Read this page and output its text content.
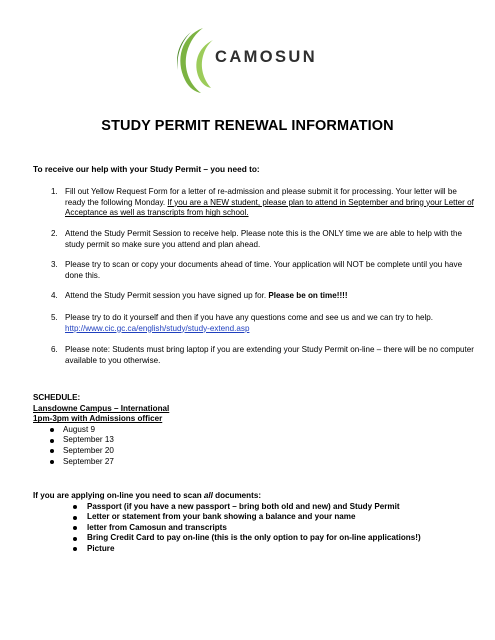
CAMOSUN
STUDY PERMIT RENEWAL INFORMATION
To receive our help with your Study Permit – you need to:
1. Fill out Yellow Request Form for a letter of re-admission and please submit it for processing. Your letter will be ready the following Monday. If you are a NEW student, please plan to attend in September and bring your Letter of Acceptance as well as transcripts from high school.
2. Attend the Study Permit Session to receive help. Please note this is the ONLY time we are able to help with the study permit so make sure you attend and plan ahead.
3. Please try to scan or copy your documents ahead of time. Your application will NOT be complete until you have done this.
4. Attend the Study Permit session you have signed up for. Please be on time!!!!
5. Please try to do it yourself and then if you have any questions come and see us and we can try to help.
http://www.cic.gc.ca/english/study/study-extend.asp
6. Please note: Students must bring laptop if you are extending your Study Permit on-line – there will be no computer available to you otherwise.
SCHEDULE:
Lansdowne Campus – International
1pm-3pm with Admissions officer
August 9
September 13
September 20
September 27
If you are applying on-line you need to scan all documents:
Passport (if you have a new passport – bring both old and new) and Study Permit
Letter or statement from your bank showing a balance and your name
letter from Camosun and transcripts
Bring Credit Card to pay on-line (this is the only option to pay for on-line applications!)
Picture
